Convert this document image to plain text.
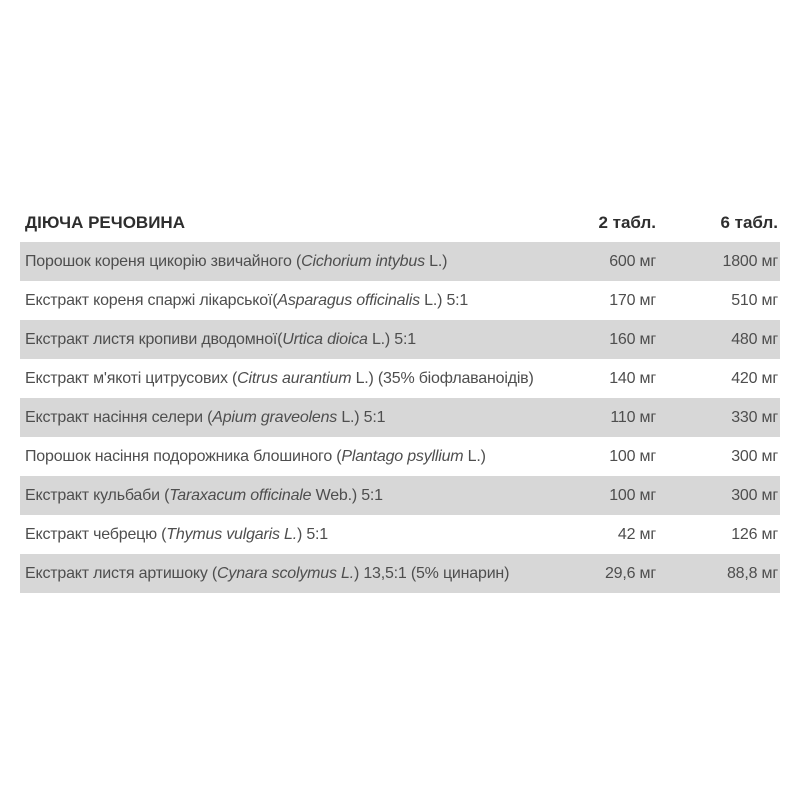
ДІЮЧА РЕЧОВИНА	2 табл.	6 табл.
Порошок кореня цикорію звичайного (Cichorium intybus L.)	600 мг	1800 мг
Екстракт кореня спаржі лікарської(Asparagus officinalis L.) 5:1	170 мг	510 мг
Екстракт листя кропиви дводомної(Urtica dioica L.) 5:1	160 мг	480 мг
Екстракт м'якоті цитрусових (Citrus aurantium L.) (35% біофлаваноідів)	140 мг	420 мг
Екстракт насіння селери (Apium graveolens L.) 5:1	110 мг	330 мг
Порошок насіння подорожника блошиного (Plantago psyllium L.)	100 мг	300 мг
Екстракт кульбаби (Taraxacum officinale Web.) 5:1	100 мг	300 мг
Екстракт чебрецю (Thymus vulgaris L.) 5:1	42 мг	126 мг
Екстракт листя артишоку (Cynara scolymus L.) 13,5:1 (5% цинарин)	29,6 мг	88,8 мг
